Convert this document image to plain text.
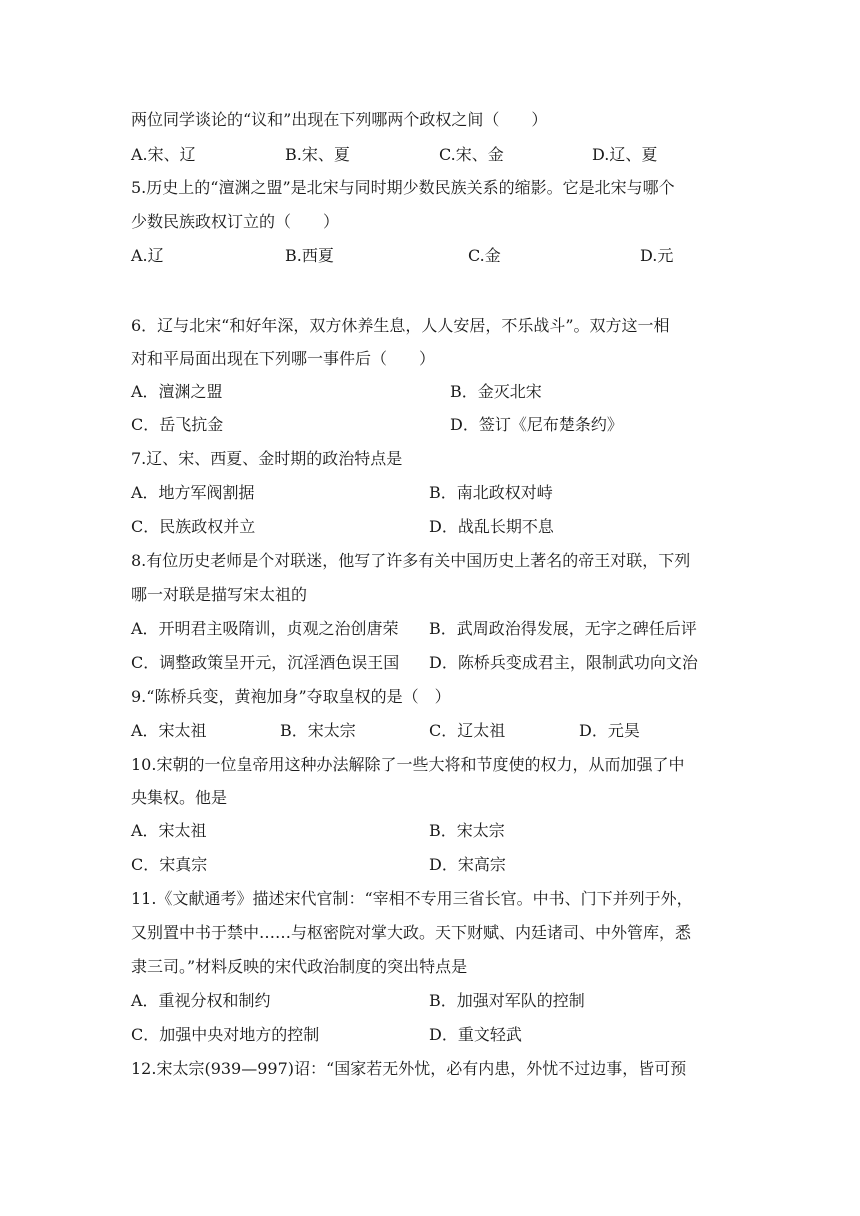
两位同学谈论的“议和”出现在下列哪两个政权之间（　　）
A.宋、辽	B.宋、夏	C.宋、金	D.辽、夏
5.历史上的“澶渊之盟”是北宋与同时期少数民族关系的缩影。它是北宋与哪个
少数民族政权订立的（　　）
A.辽	B.西夏	C.金	D.元
6．辽与北宋“和好年深，双方休养生息，人人安居，不乐战斗”。双方这一相
对和平局面出现在下列哪一事件后（　　）
A．澶渊之盟	B．金灭北宋
C．岳飞抗金	D．签订《尼布楚条约》
7.辽、宋、西夏、金时期的政治特点是
A．地方军阀割据	B．南北政权对峙
C．民族政权并立	D．战乱长期不息
8.有位历史老师是个对联迷，他写了许多有关中国历史上著名的帝王对联，下列
哪一对联是描写宋太祖的
A．开明君主吸隋训，贞观之治创唐荣 B．武周政治得发展，无字之碑任后评
C．调整政策呈开元，沉淫酒色误王国 D．陈桥兵变成君主，限制武功向文治
9.“陈桥兵变，黄袍加身”夺取皇权的是（　）
A．宋太祖	B．宋太宗	C．辽太祖	D．元昊
10.宋朝的一位皇帝用这种办法解除了一些大将和节度使的权力，从而加强了中
央集权。他是
A．宋太祖	B．宋太宗
C．宋真宗	D．宋高宗
11.《文献通考》描述宋代官制：“宰相不专用三省长官。中书、门下并列于外，
又别置中书于禁中……与枢密院对掌大政。天下财赋、内廷诸司、中外管库，悉
隶三司。”材料反映的宋代政治制度的突出特点是
A．重视分权和制约	B．加强对军队的控制
C．加强中央对地方的控制	D．重文轻武
12.宋太宗(939—997)诏：“国家若无外忧，必有内患，外忧不过边事，皆可预
